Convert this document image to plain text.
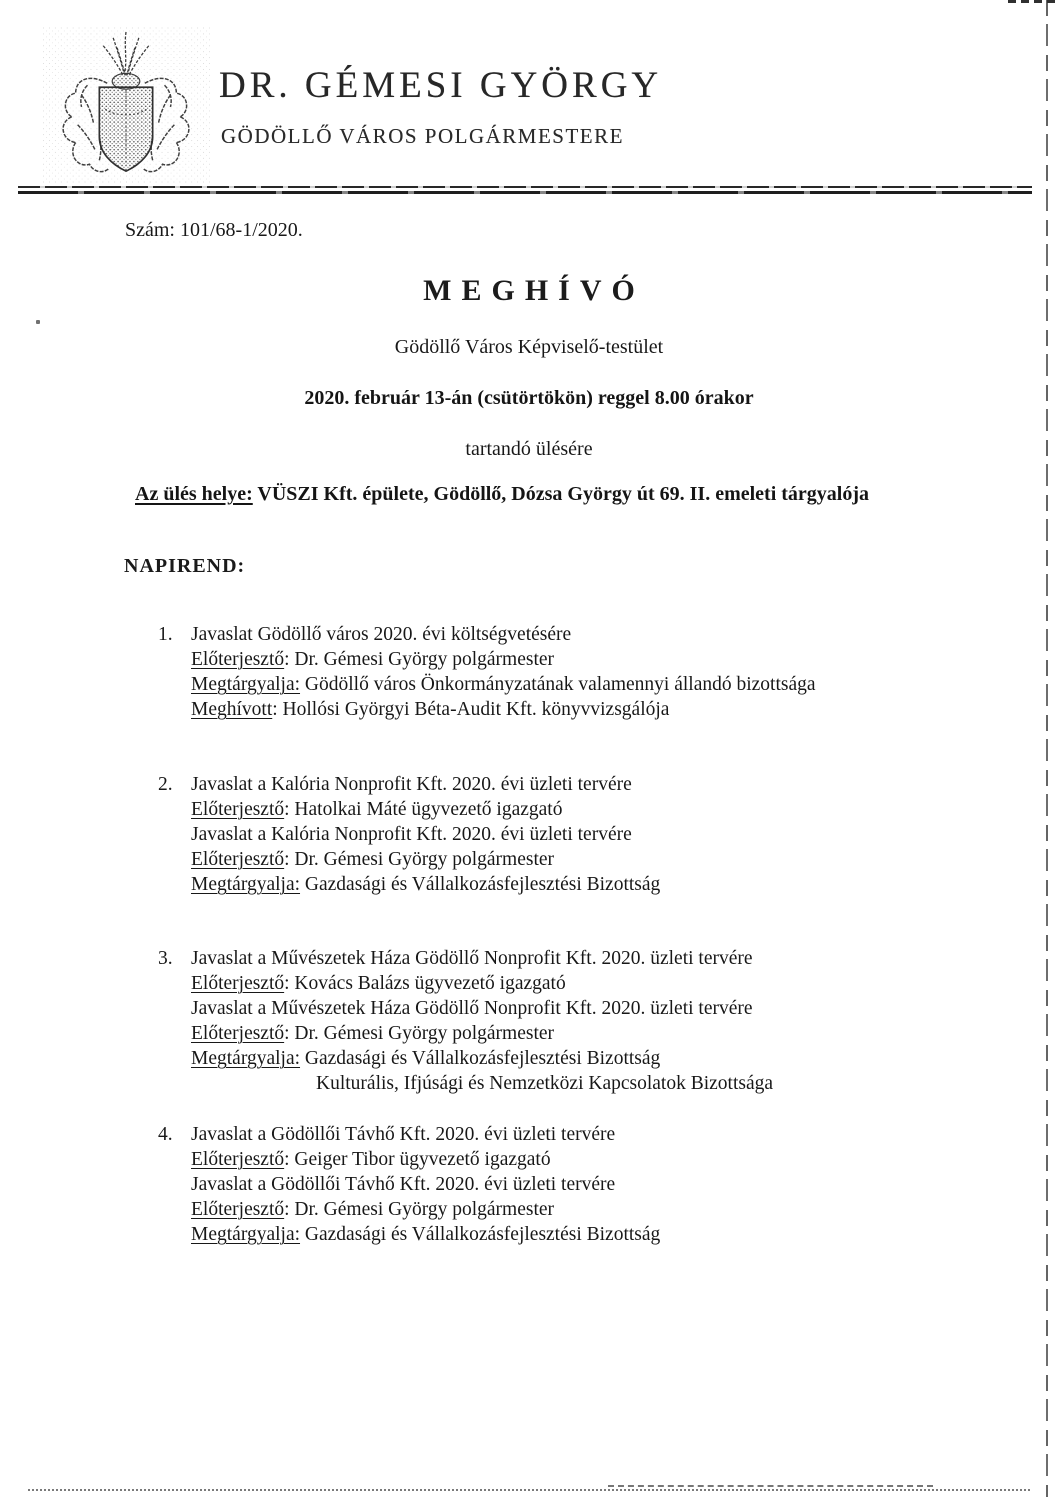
DR. GÉMESI GYÖRGY
GÖDÖLLŐ VÁROS POLGÁRMESTERE
Szám: 101/68-1/2020.
MEGHÍVÓ
Gödöllő Város Képviselő-testület
2020. február 13-án (csütörtökön) reggel 8.00 órakor
tartandó ülésére
Az ülés helye: VÜSZI Kft. épülete, Gödöllő, Dózsa György út 69. II. emeleti tárgyalója
NAPIREND:
1. Javaslat Gödöllő város 2020. évi költségvetésére
Előterjesztő: Dr. Gémesi György polgármester
Megtárgyalja: Gödöllő város Önkormányzatának valamennyi állandó bizottsága
Meghívott: Hollósi Györgyi Béta-Audit Kft. könyvvizsgálója
2. Javaslat a Kalória Nonprofit Kft. 2020. évi üzleti tervére
Előterjesztő: Hatolkai Máté ügyvezető igazgató
Javaslat a Kalória Nonprofit Kft. 2020. évi üzleti tervére
Előterjesztő: Dr. Gémesi György polgármester
Megtárgyalja: Gazdasági és Vállalkozásfejlesztési Bizottság
3. Javaslat a Művészetek Háza Gödöllő Nonprofit Kft. 2020. üzleti tervére
Előterjesztő: Kovács Balázs ügyvezető igazgató
Javaslat a Művészetek Háza Gödöllő Nonprofit Kft. 2020. üzleti tervére
Előterjesztő: Dr. Gémesi György polgármester
Megtárgyalja: Gazdasági és Vállalkozásfejlesztési Bizottság
Kulturális, Ifjúsági és Nemzetközi Kapcsolatok Bizottsága
4. Javaslat a Gödöllői Távhő Kft. 2020. évi üzleti tervére
Előterjesztő: Geiger Tibor ügyvezető igazgató
Javaslat a Gödöllői Távhő Kft. 2020. évi üzleti tervére
Előterjesztő: Dr. Gémesi György polgármester
Megtárgyalja: Gazdasági és Vállalkozásfejlesztési Bizottság
